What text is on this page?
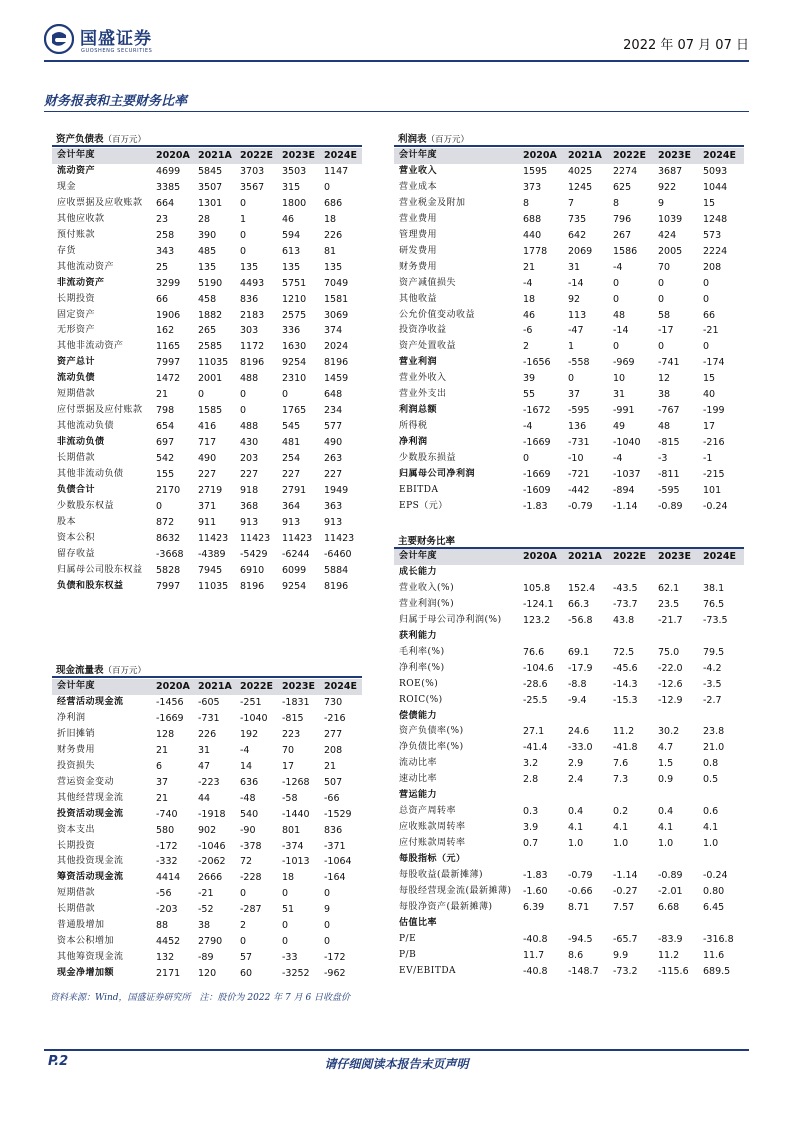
国盛证券
GUOSHENG SECURITIES	2022 年 07 月 07 日
财务报表和主要财务比率
资产负债表（百万元）	利润表（百万元）
主要财务比率
现金流量表（百万元）
会计年度	2020A	2021A	2022E	2023E	2024E
流动资产	4699	5845	3703	3503	1147
现金	3385	3507	3567	315	0
应收票据及应收账款	664	1301	0	1800	686
其他应收款	23	28	1	46	18
预付账款	258	390	0	594	226
存货	343	485	0	613	81
其他流动资产	25	135	135	135	135
非流动资产	3299	5190	4493	5751	7049
长期投资	66	458	836	1210	1581
固定资产	1906	1882	2183	2575	3069
无形资产	162	265	303	336	374
其他非流动资产	1165	2585	1172	1630	2024
资产总计	7997	11035	8196	9254	8196
流动负债	1472	2001	488	2310	1459
短期借款	21	0	0	0	648
应付票据及应付账款	798	1585	0	1765	234
其他流动负债	654	416	488	545	577
非流动负债	697	717	430	481	490
长期借款	542	490	203	254	263
其他非流动负债	155	227	227	227	227
负债合计	2170	2719	918	2791	1949
少数股东权益	0	371	368	364	363
股本	872	911	913	913	913
资本公积	8632	11423	11423	11423	11423
留存收益	-3668	-4389	-5429	-6244	-6460
归属母公司股东权益	5828	7945	6910	6099	5884
负债和股东权益	7997	11035	8196	9254	8196
会计年度	2020A	2021A	2022E	2023E	2024E
营业收入	1595	4025	2274	3687	5093
营业成本	373	1245	625	922	1044
营业税金及附加	8	7	8	9	15
营业费用	688	735	796	1039	1248
管理费用	440	642	267	424	573
研发费用	1778	2069	1586	2005	2224
财务费用	21	31	-4	70	208
资产减值损失	-4	-14	0	0	0
其他收益	18	92	0	0	0
公允价值变动收益	46	113	48	58	66
投资净收益	-6	-47	-14	-17	-21
资产处置收益	2	1	0	0	0
营业利润	-1656	-558	-969	-741	-174
营业外收入	39	0	10	12	15
营业外支出	55	37	31	38	40
利润总额	-1672	-595	-991	-767	-199
所得税	-4	136	49	48	17
净利润	-1669	-731	-1040	-815	-216
少数股东损益	0	-10	-4	-3	-1
归属母公司净利润	-1669	-721	-1037	-811	-215
EBITDA	-1609	-442	-894	-595	101
EPS（元）	-1.83	-0.79	-1.14	-0.89	-0.24
会计年度	2020A	2021A	2022E	2023E	2024E
成长能力					
营业收入(%)	105.8	152.4	-43.5	62.1	38.1
营业利润(%)	-124.1	66.3	-73.7	23.5	76.5
归属于母公司净利润(%)	123.2	-56.8	43.8	-21.7	-73.5
获利能力					
毛利率(%)	76.6	69.1	72.5	75.0	79.5
净利率(%)	-104.6	-17.9	-45.6	-22.0	-4.2
ROE(%)	-28.6	-8.8	-14.3	-12.6	-3.5
ROIC(%)	-25.5	-9.4	-15.3	-12.9	-2.7
偿债能力					
资产负债率(%)	27.1	24.6	11.2	30.2	23.8
净负债比率(%)	-41.4	-33.0	-41.8	4.7	21.0
流动比率	3.2	2.9	7.6	1.5	0.8
速动比率	2.8	2.4	7.3	0.9	0.5
营运能力					
总资产周转率	0.3	0.4	0.2	0.4	0.6
应收账款周转率	3.9	4.1	4.1	4.1	4.1
应付账款周转率	0.7	1.0	1.0	1.0	1.0
每股指标（元）					
每股收益(最新摊薄)	-1.83	-0.79	-1.14	-0.89	-0.24
每股经营现金流(最新摊薄)	-1.60	-0.66	-0.27	-2.01	0.80
每股净资产(最新摊薄)	6.39	8.71	7.57	6.68	6.45
估值比率					
P/E	-40.8	-94.5	-65.7	-83.9	-316.8
P/B	11.7	8.6	9.9	11.2	11.6
EV/EBITDA	-40.8	-148.7	-73.2	-115.6	689.5
会计年度	2020A	2021A	2022E	2023E	2024E
经营活动现金流	-1456	-605	-251	-1831	730
净利润	-1669	-731	-1040	-815	-216
折旧摊销	128	226	192	223	277
财务费用	21	31	-4	70	208
投资损失	6	47	14	17	21
营运资金变动	37	-223	636	-1268	507
其他经营现金流	21	44	-48	-58	-66
投资活动现金流	-740	-1918	540	-1440	-1529
资本支出	580	902	-90	801	836
长期投资	-172	-1046	-378	-374	-371
其他投资现金流	-332	-2062	72	-1013	-1064
筹资活动现金流	4414	2666	-228	18	-164
短期借款	-56	-21	0	0	0
长期借款	-203	-52	-287	51	9
普通股增加	88	38	2	0	0
资本公积增加	4452	2790	0	0	0
其他筹资现金流	132	-89	57	-33	-172
现金净增加额	2171	120	60	-3252	-962
资料来源：Wind，国盛证券研究所　注：股价为 2022 年 7 月 6 日收盘价
P.2	请仔细阅读本报告末页声明
